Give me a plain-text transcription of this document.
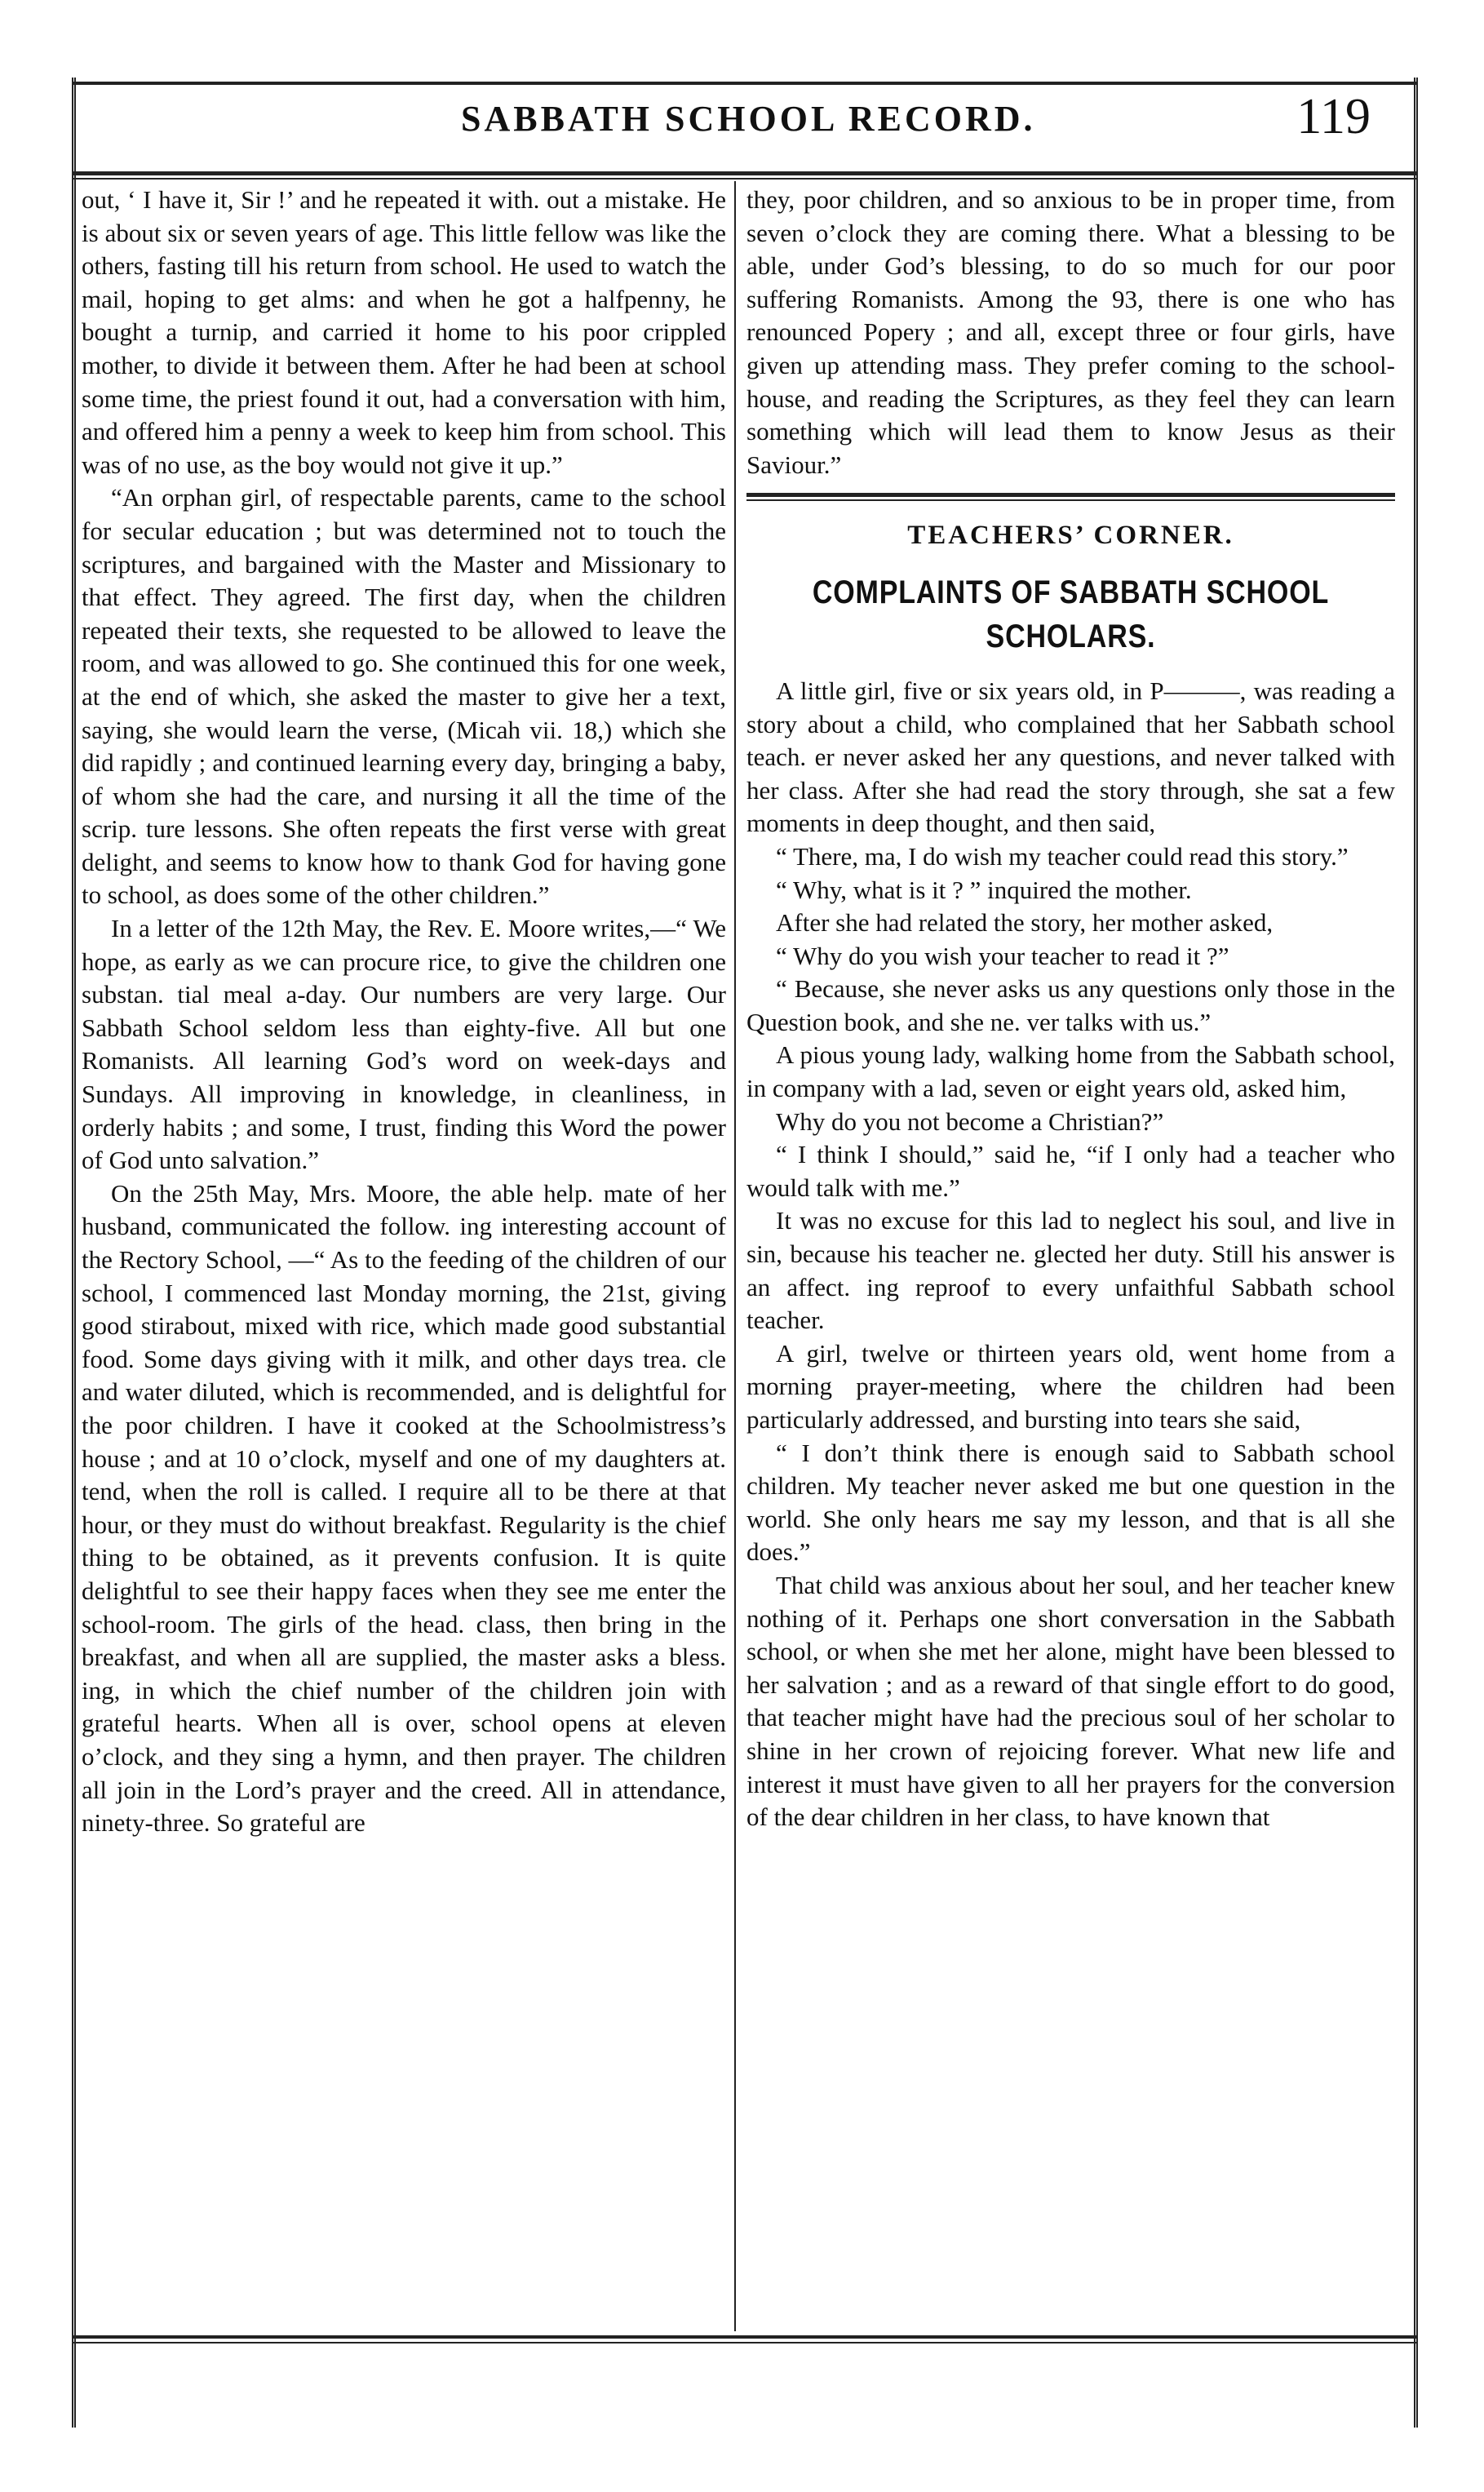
SABBATH SCHOOL RECORD.	119

out, ‘ I have it, Sir !’ and he repeated it with. out a mistake. He is about six or seven years of age. This little fellow was like the others, fasting till his return from school. He used to watch the mail, hoping to get alms: and when he got a halfpenny, he bought a turnip, and carried it home to his poor crippled mother, to divide it between them. After he had been at school some time, the priest found it out, had a conversation with him, and offered him a penny a week to keep him from school. This was of no use, as the boy would not give it up.”

“An orphan girl, of respectable parents, came to the school for secular education ; but was determined not to touch the scriptures, and bargained with the Master and Missionary to that effect. They agreed. The first day, when the children repeated their texts, she requested to be allowed to leave the room, and was allowed to go. She continued this for one week, at the end of which, she asked the master to give her a text, saying, she would learn the verse, (Micah vii. 18,) which she did rapidly ; and continued learning every day, bringing a baby, of whom she had the care, and nursing it all the time of the scrip. ture lessons. She often repeats the first verse with great delight, and seems to know how to thank God for having gone to school, as does some of the other children.”

In a letter of the 12th May, the Rev. E. Moore writes,—“ We hope, as early as we can procure rice, to give the children one substan. tial meal a-day. Our numbers are very large. Our Sabbath School seldom less than eighty-five. All but one Romanists. All learning God’s word on week-days and Sundays. All improving in knowledge, in cleanliness, in orderly habits ; and some, I trust, finding this Word the power of God unto salvation.”

On the 25th May, Mrs. Moore, the able help. mate of her husband, communicated the follow. ing interesting account of the Rectory School, —“ As to the feeding of the children of our school, I commenced last Monday morning, the 21st, giving good stirabout, mixed with rice, which made good substantial food. Some days giving with it milk, and other days trea. cle and water diluted, which is recommended, and is delightful for the poor children. I have it cooked at the Schoolmistress’s house ; and at 10 o’clock, myself and one of my daughters at. tend, when the roll is called. I require all to be there at that hour, or they must do without breakfast. Regularity is the chief thing to be obtained, as it prevents confusion. It is quite delightful to see their happy faces when they see me enter the school-room. The girls of the head. class, then bring in the breakfast, and when all are supplied, the master asks a bless. ing, in which the chief number of the children join with grateful hearts. When all is over, school opens at eleven o’clock, and they sing a hymn, and then prayer. The children all join in the Lord’s prayer and the creed. All in attendance, ninety-three. So grateful are

they, poor children, and so anxious to be in proper time, from seven o’clock they are coming there. What a blessing to be able, under God’s blessing, to do so much for our poor suffering Romanists. Among the 93, there is one who has renounced Popery ; and all, except three or four girls, have given up attending mass. They prefer coming to the school-house, and reading the Scriptures, as they feel they can learn something which will lead them to know Jesus as their Saviour.”

TEACHERS’ CORNER.
COMPLAINTS OF SABBATH SCHOOL
SCHOLARS.

A little girl, five or six years old, in P———, was reading a story about a child, who complained that her Sabbath school teach. er never asked her any questions, and never talked with her class. After she had read the story through, she sat a few moments in deep thought, and then said,

“ There, ma, I do wish my teacher could read this story.”

“ Why, what is it ? ” inquired the mother.

After she had related the story, her mother asked,

“ Why do you wish your teacher to read it ?”

“ Because, she never asks us any questions only those in the Question book, and she ne. ver talks with us.”

A pious young lady, walking home from the Sabbath school, in company with a lad, seven or eight years old, asked him,

Why do you not become a Christian?”

“ I think I should,” said he, “if I only had a teacher who would talk with me.”

It was no excuse for this lad to neglect his soul, and live in sin, because his teacher ne. glected her duty. Still his answer is an affect. ing reproof to every unfaithful Sabbath school teacher.

A girl, twelve or thirteen years old, went home from a morning prayer-meeting, where the children had been particularly addressed, and bursting into tears she said,

“ I don’t think there is enough said to Sabbath school children. My teacher never asked me but one question in the world. She only hears me say my lesson, and that is all she does.”

That child was anxious about her soul, and her teacher knew nothing of it. Perhaps one short conversation in the Sabbath school, or when she met her alone, might have been blessed to her salvation ; and as a reward of that single effort to do good, that teacher might have had the precious soul of her scholar to shine in her crown of rejoicing forever. What new life and interest it must have given to all her prayers for the conversion of the dear children in her class, to have known that
